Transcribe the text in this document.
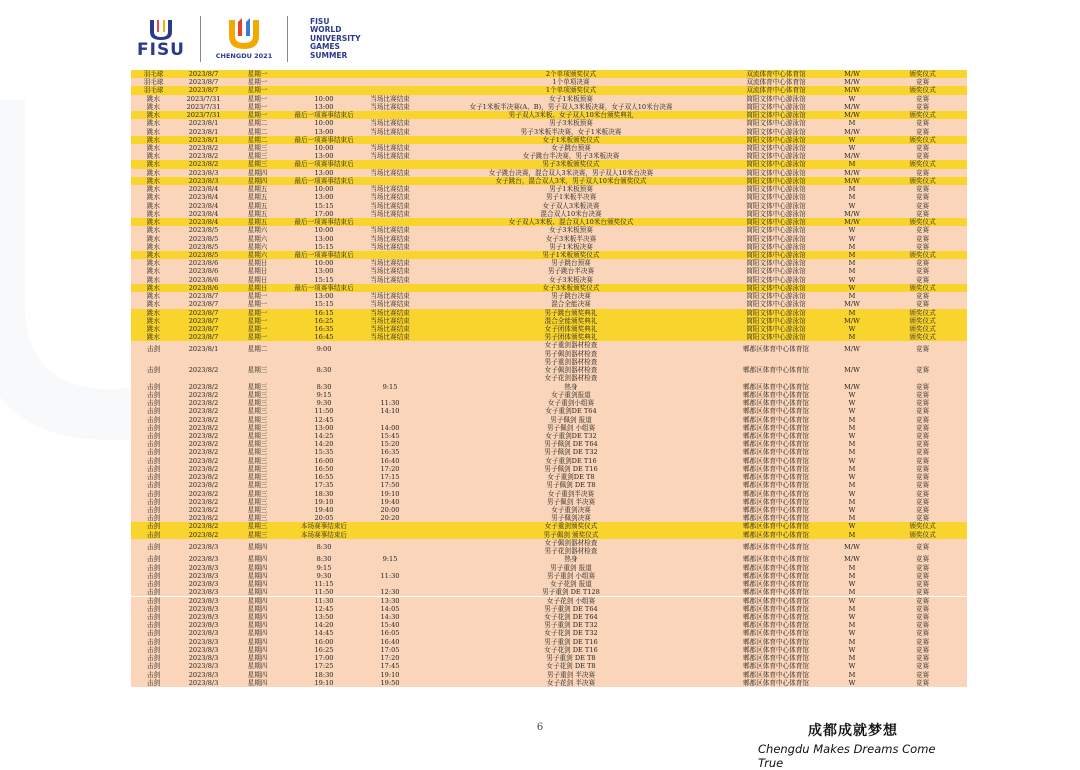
FISU	CHENGDU 2021
FISU
WORLD
UNIVERSITY
GAMES
SUMMER
羽毛球	2023/8/7	星期一	2个单项颁奖仪式	双流体育中心体育馆	M/W	颁奖仪式
羽毛球	2023/8/7	星期一	1个单项决赛	双流体育中心体育馆	M/W	竞赛
羽毛球	2023/8/7	星期一	1个单项颁奖仪式	双流体育中心体育馆	M/W	颁奖仪式
跳水	2023/7/31	星期一	10:00	当场比赛结束	女子1米板预赛	简阳文体中心游泳馆	W	竞赛
跳水	2023/7/31	星期一	13:00	当场比赛结束	女子1米板半决赛(A、B)，男子双人3米板决赛，女子双人10米台决赛	简阳文体中心游泳馆	M/W	竞赛
跳水	2023/7/31	星期一	最后一项赛事结束后	男子双人3米板、女子双人10米台颁奖典礼	简阳文体中心游泳馆	M/W	颁奖仪式
跳水	2023/8/1	星期二	10:00	当场比赛结束	男子3米板预赛	简阳文体中心游泳馆	M	竞赛
跳水	2023/8/1	星期二	13:00	当场比赛结束	男子3米板半决赛，女子1米板决赛	简阳文体中心游泳馆	M/W	竞赛
跳水	2023/8/1	星期二	最后一项赛事结束后	女子1米板颁奖仪式	简阳文体中心游泳馆	W	颁奖仪式
跳水	2023/8/2	星期三	10:00	当场比赛结束	女子跳台预赛	简阳文体中心游泳馆	W	竞赛
跳水	2023/8/2	星期三	13:00	当场比赛结束	女子跳台半决赛，男子3米板决赛	简阳文体中心游泳馆	M/W	竞赛
跳水	2023/8/2	星期三	最后一项赛事结束后	男子3米板颁奖仪式	简阳文体中心游泳馆	M	颁奖仪式
跳水	2023/8/3	星期四	13:00	当场比赛结束	女子跳台决赛，混合双人3米决赛，男子双人10米台决赛	简阳文体中心游泳馆	M/W	竞赛
跳水	2023/8/3	星期四	最后一项赛事结束后	女子跳台，混合双人3米，男子双人10米台颁奖仪式	简阳文体中心游泳馆	M/W	颁奖仪式
跳水	2023/8/4	星期五	10:00	当场比赛结束	男子1米板预赛	简阳文体中心游泳馆	M	竞赛
跳水	2023/8/4	星期五	13:00	当场比赛结束	男子1米板半决赛	简阳文体中心游泳馆	M	竞赛
跳水	2023/8/4	星期五	15:15	当场比赛结束	女子双人3米板决赛	简阳文体中心游泳馆	W	竞赛
跳水	2023/8/4	星期五	17:00	当场比赛结束	混合双人10米台决赛	简阳文体中心游泳馆	M/W	竞赛
跳水	2023/8/4	星期五	最后一项赛事结束后	女子双人3米板、混合双人10米台颁奖仪式	简阳文体中心游泳馆	M/W	颁奖仪式
跳水	2023/8/5	星期六	10:00	当场比赛结束	女子3米板预赛	简阳文体中心游泳馆	W	竞赛
跳水	2023/8/5	星期六	13:00	当场比赛结束	女子3米板半决赛	简阳文体中心游泳馆	W	竞赛
跳水	2023/8/5	星期六	15:15	当场比赛结束	男子1米板决赛	简阳文体中心游泳馆	M	竞赛
跳水	2023/8/5	星期六	最后一项赛事结束后	男子1米板颁奖仪式	简阳文体中心游泳馆	M	颁奖仪式
跳水	2023/8/6	星期日	10:00	当场比赛结束	男子跳台预赛	简阳文体中心游泳馆	M	竞赛
跳水	2023/8/6	星期日	13:00	当场比赛结束	男子跳台半决赛	简阳文体中心游泳馆	M	竞赛
跳水	2023/8/6	星期日	15:15	当场比赛结束	女子3米板决赛	简阳文体中心游泳馆	W	竞赛
跳水	2023/8/6	星期日	最后一项赛事结束后	女子3米板颁奖仪式	简阳文体中心游泳馆	W	颁奖仪式
跳水	2023/8/7	星期一	13:00	当场比赛结束	男子跳台决赛	简阳文体中心游泳馆	M	竞赛
跳水	2023/8/7	星期一	15:15	当场比赛结束	混合全能决赛	简阳文体中心游泳馆	M/W	竞赛
跳水	2023/8/7	星期一	16:15	当场比赛结束	男子跳台颁奖典礼	简阳文体中心游泳馆	M	颁奖仪式
跳水	2023/8/7	星期一	16:25	当场比赛结束	混合全能颁奖典礼	简阳文体中心游泳馆	M/W	颁奖仪式
跳水	2023/8/7	星期一	16:35	当场比赛结束	女子团体颁奖典礼	简阳文体中心游泳馆	W	颁奖仪式
跳水	2023/8/7	星期一	16:45	当场比赛结束	男子团体颁奖典礼	简阳文体中心游泳馆	M	颁奖仪式
击剑	2023/8/1	星期二	9:00	女子重剑器材检查
男子佩剑器材检查
郫都区体育中心体育馆	M/W	竞赛
击剑	2023/8/2	星期三	8:30
男子重剑器材检查
女子佩剑器材检查
女子花剑器材检查
郫都区体育中心体育馆	M/W	竞赛
击剑	2023/8/2	星期三	8:30	9:15	热身	郫都区体育中心体育馆	M/W	竞赛
击剑	2023/8/2	星期三	9:15	女子重剑报道	郫都区体育中心体育馆	W	竞赛
击剑	2023/8/2	星期三	9:30	11:30	女子重剑小组赛	郫都区体育中心体育馆	W	竞赛
击剑	2023/8/2	星期三	11:50	14:10	女子重剑DE T64	郫都区体育中心体育馆	W	竞赛
击剑	2023/8/2	星期三	12:45	男子佩剑 报道	郫都区体育中心体育馆	M	竞赛
击剑	2023/8/2	星期三	13:00	14:00	男子佩剑 小组赛	郫都区体育中心体育馆	M	竞赛
击剑	2023/8/2	星期三	14:25	15:45	女子重剑DE T32	郫都区体育中心体育馆	W	竞赛
击剑	2023/8/2	星期三	14:20	15:20	男子佩剑 DE T64	郫都区体育中心体育馆	M	竞赛
击剑	2023/8/2	星期三	15:35	16:35	男子佩剑 DE T32	郫都区体育中心体育馆	M	竞赛
击剑	2023/8/2	星期三	16:00	16:40	女子重剑DE T16	郫都区体育中心体育馆	W	竞赛
击剑	2023/8/2	星期三	16:50	17:20	男子佩剑 DE T16	郫都区体育中心体育馆	M	竞赛
击剑	2023/8/2	星期三	16:55	17:15	女子重剑DE T8	郫都区体育中心体育馆	W	竞赛
击剑	2023/8/2	星期三	17:35	17:50	男子佩剑 DE T8	郫都区体育中心体育馆	M	竞赛
击剑	2023/8/2	星期三	18:30	19:10	女子重剑半决赛	郫都区体育中心体育馆	W	竞赛
击剑	2023/8/2	星期三	19:10	19:40	男子佩剑 半决赛	郫都区体育中心体育馆	M	竞赛
击剑	2023/8/2	星期三	19:40	20:00	女子重剑决赛	郫都区体育中心体育馆	W	竞赛
击剑	2023/8/2	星期三	20:05	20:20	男子佩剑决赛	郫都区体育中心体育馆	M	竞赛
击剑	2023/8/2	星期三	本场赛事结束后	女子重剑颁奖仪式	郫都区体育中心体育馆	W	颁奖仪式
击剑	2023/8/2	星期三	本场赛事结束后	男子佩剑 颁奖仪式	郫都区体育中心体育馆	M	颁奖仪式
击剑	2023/8/3	星期四	8:30	女子佩剑器材检查
男子花剑器材检查
郫都区体育中心体育馆	M/W	竞赛
击剑	2023/8/3	星期四	8:30	9:15	热身	郫都区体育中心体育馆	M/W	竞赛
击剑	2023/8/3	星期四	9:15	男子重剑 报道	郫都区体育中心体育馆	M	竞赛
击剑	2023/8/3	星期四	9:30	11:30	男子重剑 小组赛	郫都区体育中心体育馆	M	竞赛
击剑	2023/8/3	星期四	11:15	女子花剑 报道	郫都区体育中心体育馆	W	竞赛
击剑	2023/8/3	星期四	11:50	12:30	男子重剑 DE T128	郫都区体育中心体育馆	M	竞赛
击剑	2023/8/3	星期四	11:30	13:30	女子花剑 小组赛	郫都区体育中心体育馆	W	竞赛
击剑	2023/8/3	星期四	12:45	14:05	男子重剑 DE T64	郫都区体育中心体育馆	M	竞赛
击剑	2023/8/3	星期四	13:50	14:30	女子花剑 DE T64	郫都区体育中心体育馆	W	竞赛
击剑	2023/8/3	星期四	14:20	15:40	男子重剑 DE T32	郫都区体育中心体育馆	M	竞赛
击剑	2023/8/3	星期四	14:45	16:05	女子花剑 DE T32	郫都区体育中心体育馆	W	竞赛
击剑	2023/8/3	星期四	16:00	16:40	男子重剑 DE T16	郫都区体育中心体育馆	M	竞赛
击剑	2023/8/3	星期四	16:25	17:05	女子花剑 DE T16	郫都区体育中心体育馆	W	竞赛
击剑	2023/8/3	星期四	17:00	17:20	男子重剑 DE T8	郫都区体育中心体育馆	M	竞赛
击剑	2023/8/3	星期四	17:25	17:45	女子花剑 DE T8	郫都区体育中心体育馆	W	竞赛
击剑	2023/8/3	星期四	18:30	19:10	男子重剑 半决赛	郫都区体育中心体育馆	M	竞赛
击剑	2023/8/3	星期四	19:10	19:50	女子花剑 半决赛	郫都区体育中心体育馆	W	竞赛
6	成都成就梦想
Chengdu Makes Dreams Come True
